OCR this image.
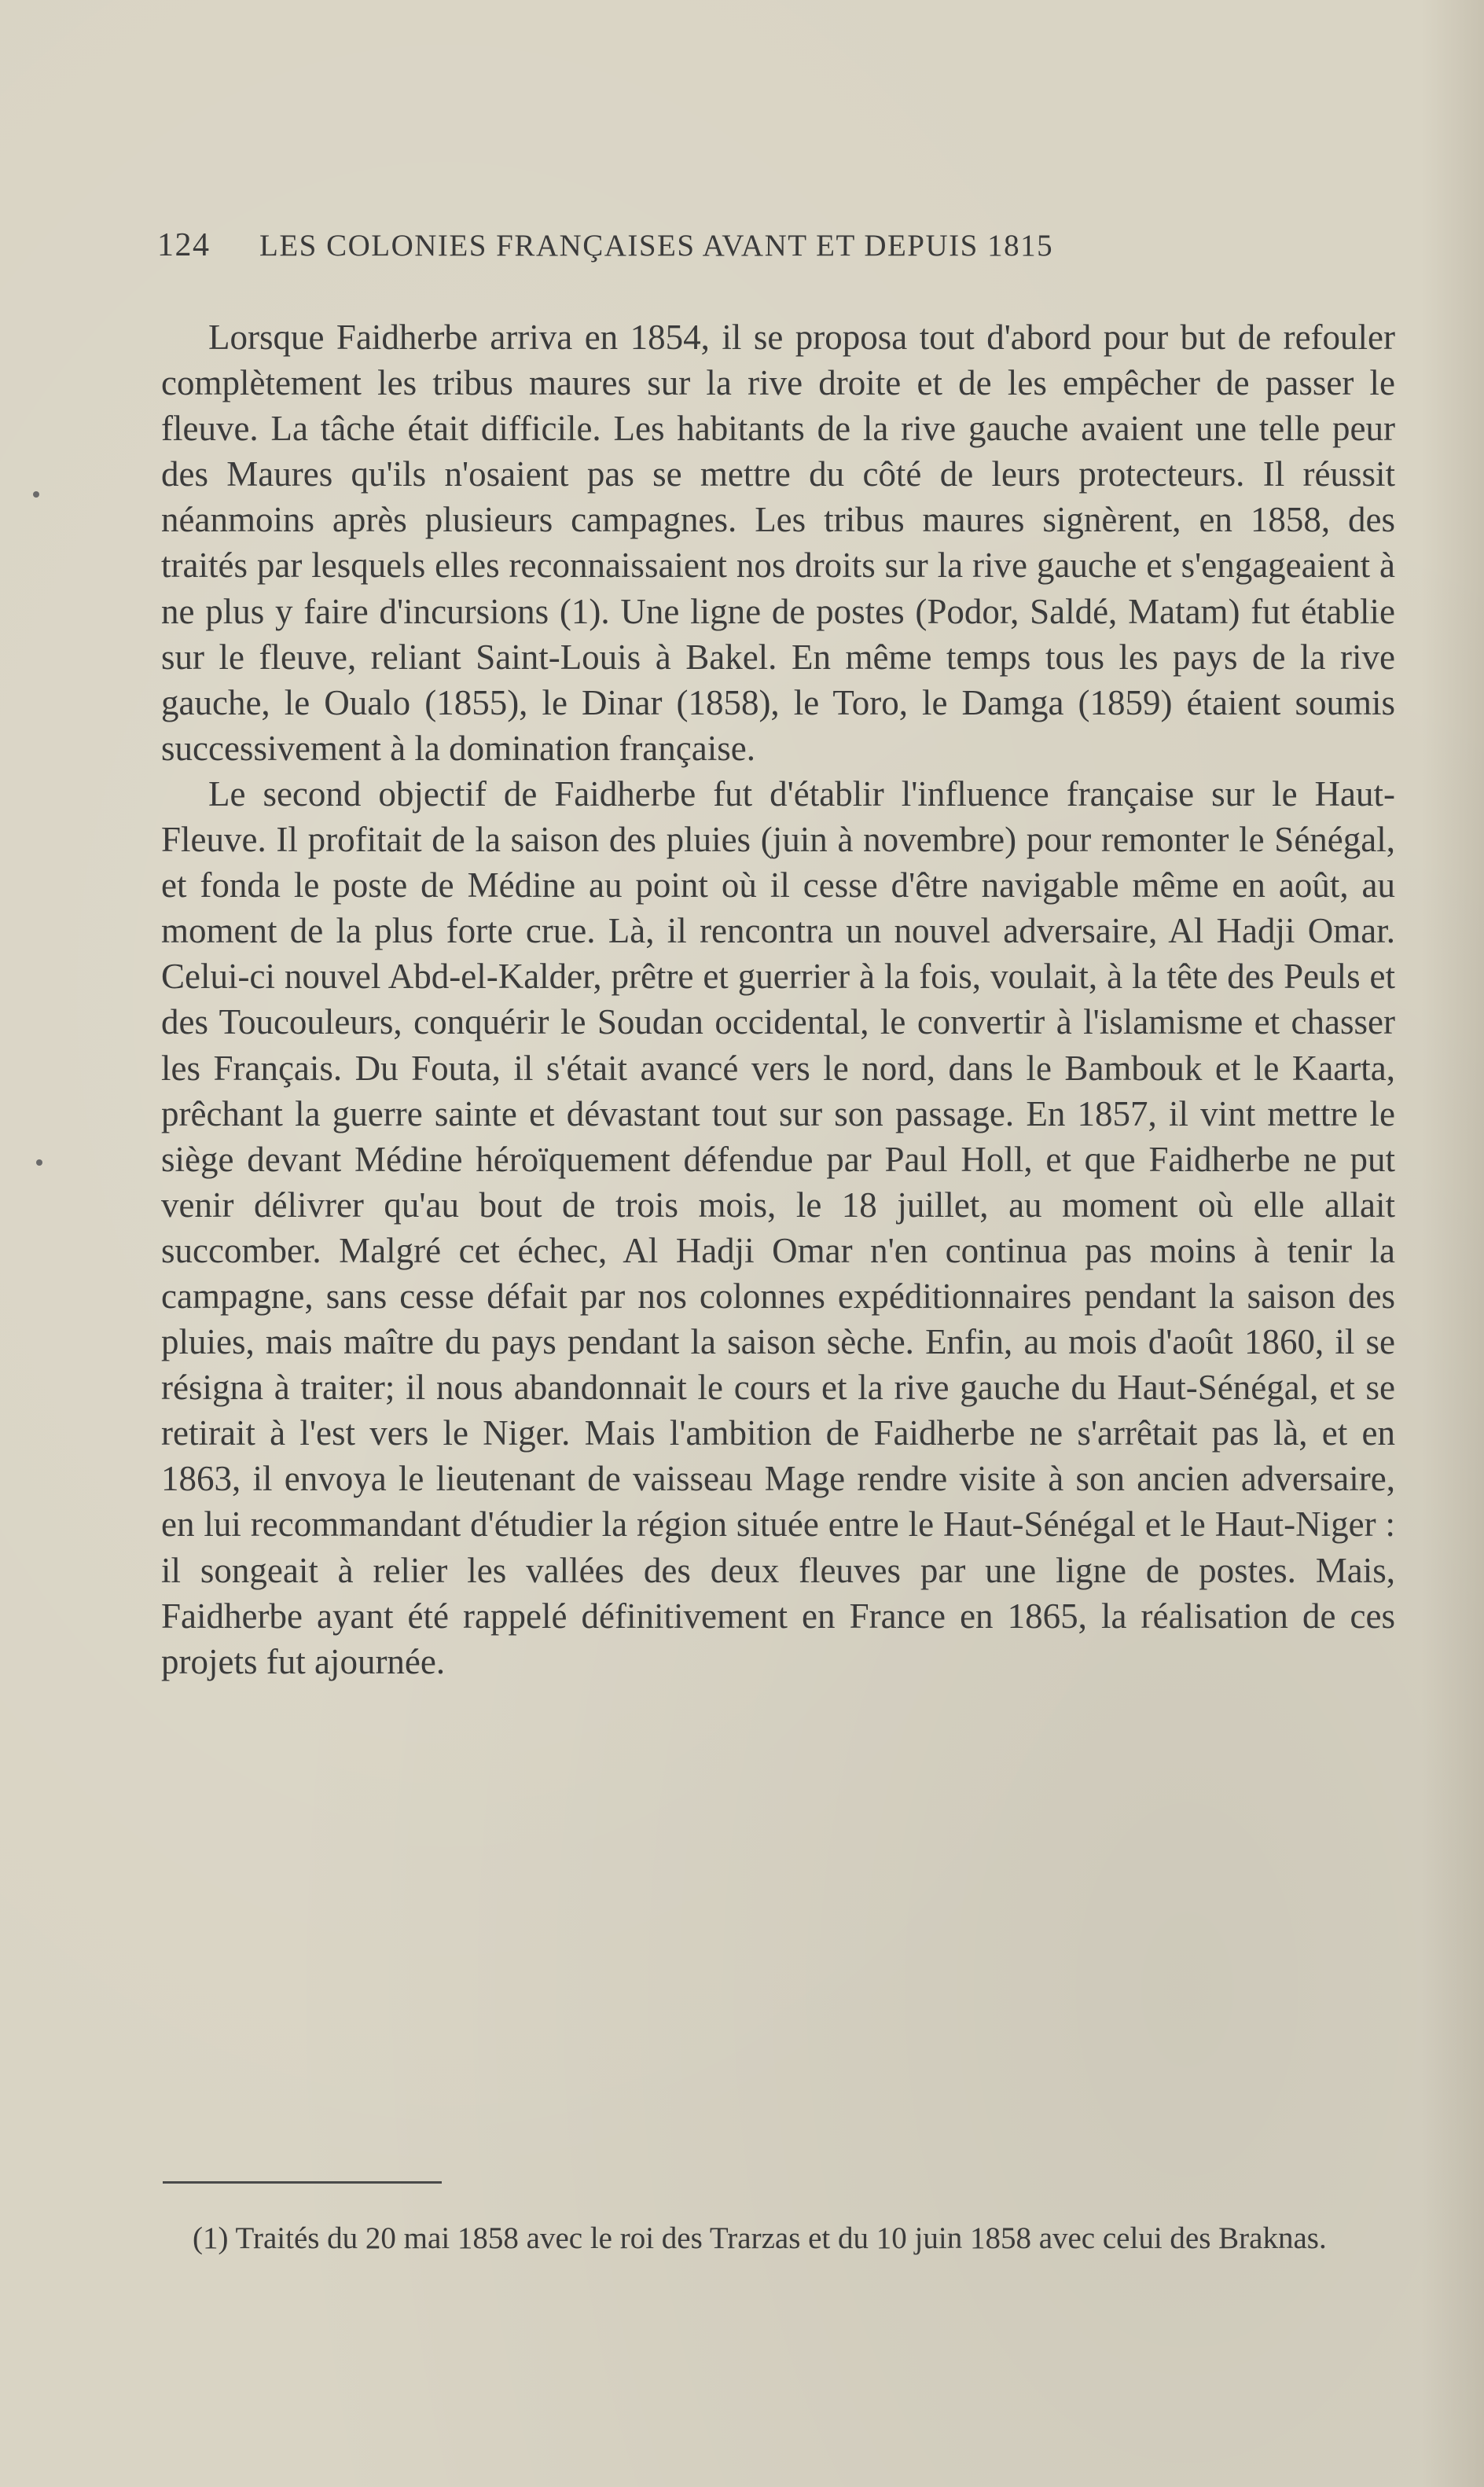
124 LES COLONIES FRANÇAISES AVANT ET DEPUIS 1815

Lorsque Faidherbe arriva en 1854, il se proposa tout d'abord pour but de refouler complètement les tribus maures sur la rive droite et de les empêcher de passer le fleuve. La tâche était difficile. Les habitants de la rive gauche avaient une telle peur des Maures qu'ils n'osaient pas se mettre du côté de leurs protecteurs. Il réussit néanmoins après plusieurs campagnes. Les tribus maures signèrent, en 1858, des traités par lesquels elles reconnaissaient nos droits sur la rive gauche et s'engageaient à ne plus y faire d'incursions (1). Une ligne de postes (Podor, Saldé, Matam) fut établie sur le fleuve, reliant Saint-Louis à Bakel. En même temps tous les pays de la rive gauche, le Oualo (1855), le Dinar (1858), le Toro, le Damga (1859) étaient soumis successivement à la domination française.

Le second objectif de Faidherbe fut d'établir l'influence française sur le Haut-Fleuve. Il profitait de la saison des pluies (juin à novembre) pour remonter le Sénégal, et fonda le poste de Médine au point où il cesse d'être navigable même en août, au moment de la plus forte crue. Là, il rencontra un nouvel adversaire, Al Hadji Omar. Celui-ci nouvel Abd-el-Kalder, prêtre et guerrier à la fois, voulait, à la tête des Peuls et des Toucouleurs, conquérir le Soudan occidental, le convertir à l'islamisme et chasser les Français. Du Fouta, il s'était avancé vers le nord, dans le Bambouk et le Kaarta, prêchant la guerre sainte et dévastant tout sur son passage. En 1857, il vint mettre le siège devant Médine héroïquement défendue par Paul Holl, et que Faidherbe ne put venir délivrer qu'au bout de trois mois, le 18 juillet, au moment où elle allait succomber. Malgré cet échec, Al Hadji Omar n'en continua pas moins à tenir la campagne, sans cesse défait par nos colonnes expéditionnaires pendant la saison des pluies, mais maître du pays pendant la saison sèche. Enfin, au mois d'août 1860, il se résigna à traiter; il nous abandonnait le cours et la rive gauche du Haut-Sénégal, et se retirait à l'est vers le Niger. Mais l'ambition de Faidherbe ne s'arrêtait pas là, et en 1863, il envoya le lieutenant de vaisseau Mage rendre visite à son ancien adversaire, en lui recommandant d'étudier la région située entre le Haut-Sénégal et le Haut-Niger : il songeait à relier les vallées des deux fleuves par une ligne de postes. Mais, Faidherbe ayant été rappelé définitivement en France en 1865, la réalisation de ces projets fut ajournée.

(1) Traités du 20 mai 1858 avec le roi des Trarzas et du 10 juin 1858 avec celui des Braknas.
